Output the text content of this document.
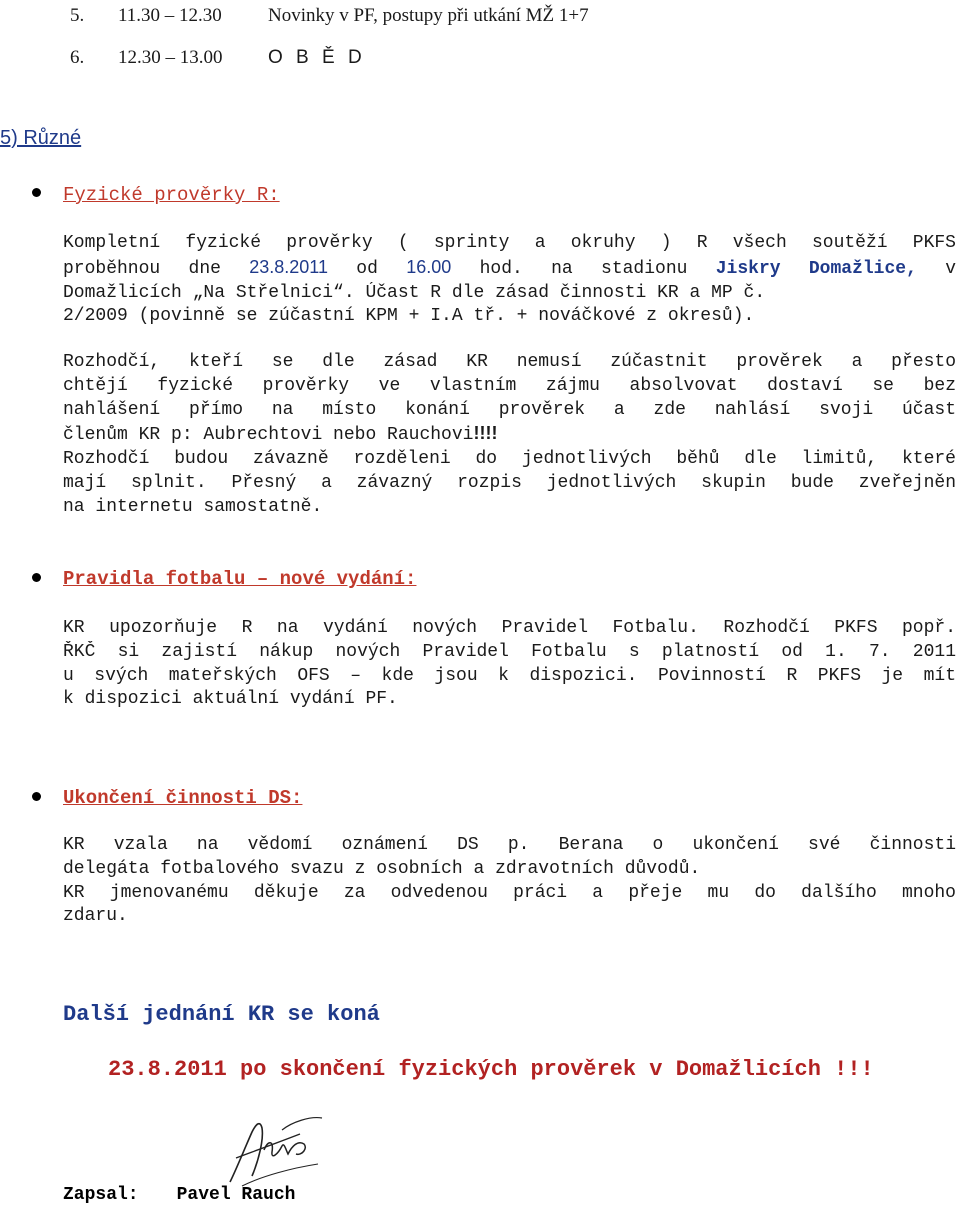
5. 11.30 – 12.30 Novinky v PF, postupy při utkání MŽ 1+7
6. 12.30 – 13.00 O B Ě D
5) Různé
Fyzické prověrky R:
Kompletní fyzické prověrky ( sprinty a okruhy ) R všech soutěží PKFS
proběhnou dne 23.8.2011 od 16.00 hod. na stadionu Jiskry Domažlice, v
Domažlicích „Na Střelnici“. Účast R dle zásad činnosti KR a MP č.
2/2009 (povinně se zúčastní KPM + I.A tř. + nováčkové z okresů).
Rozhodčí, kteří se dle zásad KR nemusí zúčastnit prověrek a přesto
chtějí fyzické prověrky ve vlastním zájmu absolvovat dostaví se bez
nahlášení přímo na místo konání prověrek a zde nahlásí svoji účast
členům KR p: Aubrechtovi nebo Rauchovi!!!!
Rozhodčí budou závazně rozděleni do jednotlivých běhů dle limitů, které
mají splnit. Přesný a závazný rozpis jednotlivých skupin bude zveřejněn
na internetu samostatně.
Pravidla fotbalu – nové vydání:
KR upozorňuje R na vydání nových Pravidel Fotbalu. Rozhodčí PKFS popř.
ŘKČ si zajistí nákup nových Pravidel Fotbalu s platností od 1. 7. 2011
u svých mateřských OFS – kde jsou k dispozici. Povinností R PKFS je mít
k dispozici aktuální vydání PF.
Ukončení činnosti DS:
KR vzala na vědomí oznámení DS p. Berana o ukončení své činnosti
delegáta fotbalového svazu z osobních a zdravotních důvodů.
KR jmenovanému děkuje za odvedenou práci a přeje mu do dalšího mnoho
zdaru.
Další jednání KR se koná
23.8.2011 po skončení fyzických prověrek v Domažlicích !!!
Zapsal: Pavel Rauch
